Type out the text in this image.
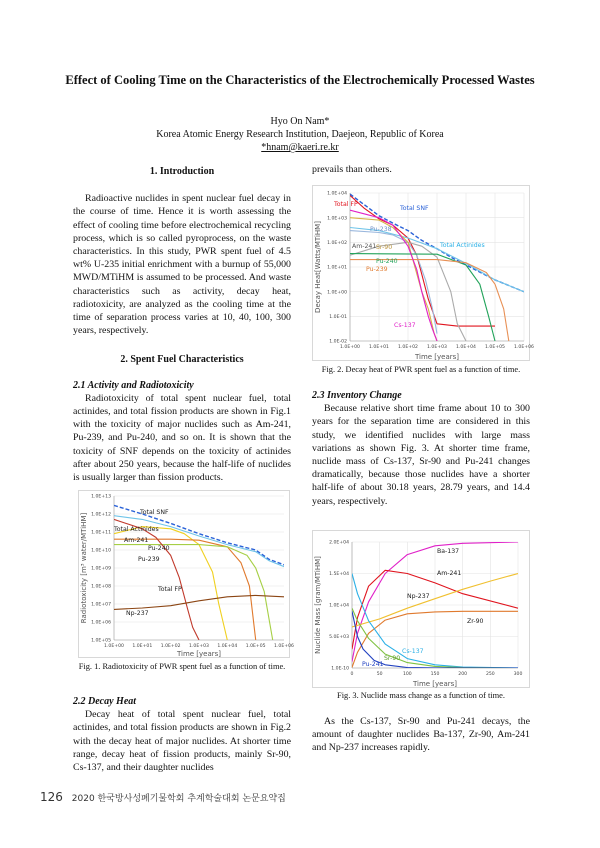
Effect of Cooling Time on the Characteristics of the Electrochemically Processed Wastes
Hyo On Nam*
Korea Atomic Energy Research Institution, Daejeon, Republic of Korea
*hnam@kaeri.re.kr
1. Introduction

Radioactive nuclides in spent nuclear fuel decay in the course of time. Hence it is worth assessing the effect of cooling time before electrochemical recycling process, which is so called pyroprocess, on the waste characteristics. In this study, PWR spent fuel of 4.5 wt% U-235 initial enrichment with a burnup of 55,000 MWD/MTiHM is assumed to be processed. And waste characteristics such as activity, decay heat, radiotoxicity, are analyzed as the cooling time at the time of separation process varies at 10, 40, 100, 300 years, respectively.

2. Spent Fuel Characteristics
2.1 Activity and Radiotoxicity

Radiotoxicity of total spent nuclear fuel, total actinides, and total fission products are shown in Fig.1 with the toxicity of major nuclides such as Am-241, Pu-239, and Pu-240, and so on. It is shown that the toxicity of SNF depends on the toxicity of actinides after about 250 years, because the half-life of nuclides is usually larger than fission products.

1.0E+05
1.0E+06
1.0E+07
1.0E+08
1.0E+09
1.0E+10
1.0E+11
1.0E+12
1.0E+13
1.0E+00 1.0E+01 1.0E+02 1.0E+03 1.0E+04 1.0E+05 1.0E+06
Time [years]
Radiotoxicity [m³ water/MTiHM]
Total SNF
Total Actinides
Am-241
Pu-240
Pu-239
Total FP
Np-237
Fig. 1. Radiotoxicity of PWR spent fuel as a function of time.
2.2 Decay Heat

Decay heat of total spent nuclear fuel, total actinides, and total fission products are shown in Fig.2 with the decay heat of major nuclides. At shorter time range, decay heat of fission products, mainly Sr-90, Cs-137, and their daughter nuclides

prevails than others.
1.0E-02
1.0E-01
1.0E+00
1.0E+01
1.0E+02
1.0E+03
1.0E+04
1.0E+00 1.0E+01 1.0E+02 1.0E+03 1.0E+04 1.0E+05 1.0E+06
Time [years]
Decay Heat[Watts/MTiHM]
Total FP
Total SNF
Total Actinides
Pu-238
Am-241 Sr-90
Pu-240
Pu-239
Cs-137
Fig. 2. Decay heat of PWR spent fuel as a function of time.
2.3 Inventory Change

Because relative short time frame about 10 to 300 years for the separation time are considered in this study, we identified nuclides with large mass variations as shown Fig. 3. At shorter time frame, nuclide mass of Cs-137, Sr-90 and Pu-241 changes dramatically, because those nuclides have a shorter half-life of about 30.18 years, 28.79 years, and 14.4 years, respectively.

1.0E-10
5.0E+03
1.0E+04
1.5E+04
2.0E+04
0	50	100	150	200	250	300
Time [years]
Nuclide Mass [gram/MTiHM]
Ba-137
Am-241
Np-237
Zr-90
Cs-137
Sr-90
Pu-241
Fig. 3. Nuclide mass change as a function of time.

As the Cs-137, Sr-90 and Pu-241 decays, the amount of daughter nuclides Ba-137, Zr-90, Am-241 and Np-237 increases rapidly.

126 2020 한국방사성폐기물학회 추계학술대회 논문요약집
